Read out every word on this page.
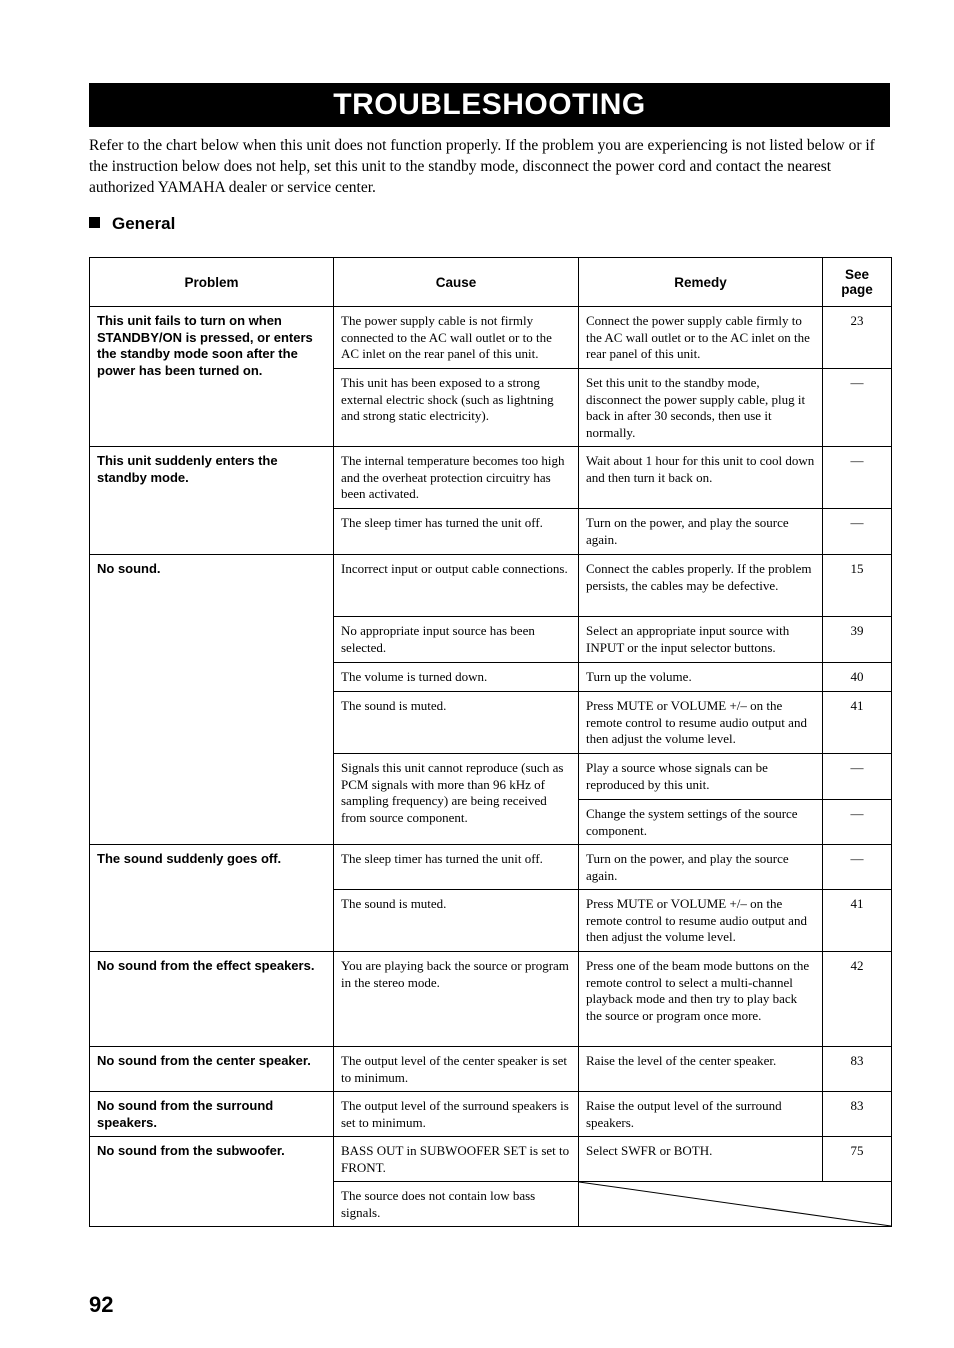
TROUBLESHOOTING
Refer to the chart below when this unit does not function properly. If the problem you are experiencing is not listed below or if the instruction below does not help, set this unit to the standby mode, disconnect the power cord and contact the nearest authorized YAMAHA dealer or service center.
General
Problem	Cause	Remedy	See page
This unit fails to turn on when STANDBY/ON is pressed, or enters the standby mode soon after the power has been turned on.	The power supply cable is not firmly connected to the AC wall outlet or to the AC inlet on the rear panel of this unit.	Connect the power supply cable firmly to the AC wall outlet or to the AC inlet on the rear panel of this unit.	23
	This unit has been exposed to a strong external electric shock (such as lightning and strong static electricity).	Set this unit to the standby mode, disconnect the power supply cable, plug it back in after 30 seconds, then use it normally.	—
This unit suddenly enters the standby mode.	The internal temperature becomes too high and the overheat protection circuitry has been activated.	Wait about 1 hour for this unit to cool down and then turn it back on.	—
	The sleep timer has turned the unit off.	Turn on the power, and play the source again.	—
No sound.	Incorrect input or output cable connections.	Connect the cables properly. If the problem persists, the cables may be defective.	15
	No appropriate input source has been selected.	Select an appropriate input source with INPUT or the input selector buttons.	39
	The volume is turned down.	Turn up the volume.	40
	The sound is muted.	Press MUTE or VOLUME +/– on the remote control to resume audio output and then adjust the volume level.	41
	Signals this unit cannot reproduce (such as PCM signals with more than 96 kHz of sampling frequency) are being received from source component.	Play a source whose signals can be reproduced by this unit.	—
		Change the system settings of the source component.	—
The sound suddenly goes off.	The sleep timer has turned the unit off.	Turn on the power, and play the source again.	—
	The sound is muted.	Press MUTE or VOLUME +/– on the remote control to resume audio output and then adjust the volume level.	41
No sound from the effect speakers.	You are playing back the source or program in the stereo mode.	Press one of the beam mode buttons on the remote control to select a multi-channel playback mode and then try to play back the source or program once more.	42
No sound from the center speaker.	The output level of the center speaker is set to minimum.	Raise the level of the center speaker.	83
No sound from the surround speakers.	The output level of the surround speakers is set to minimum.	Raise the output level of the surround speakers.	83
No sound from the subwoofer.	BASS OUT in SUBWOOFER SET is set to FRONT.	Select SWFR or BOTH.	75
	The source does not contain low bass signals.	
92
